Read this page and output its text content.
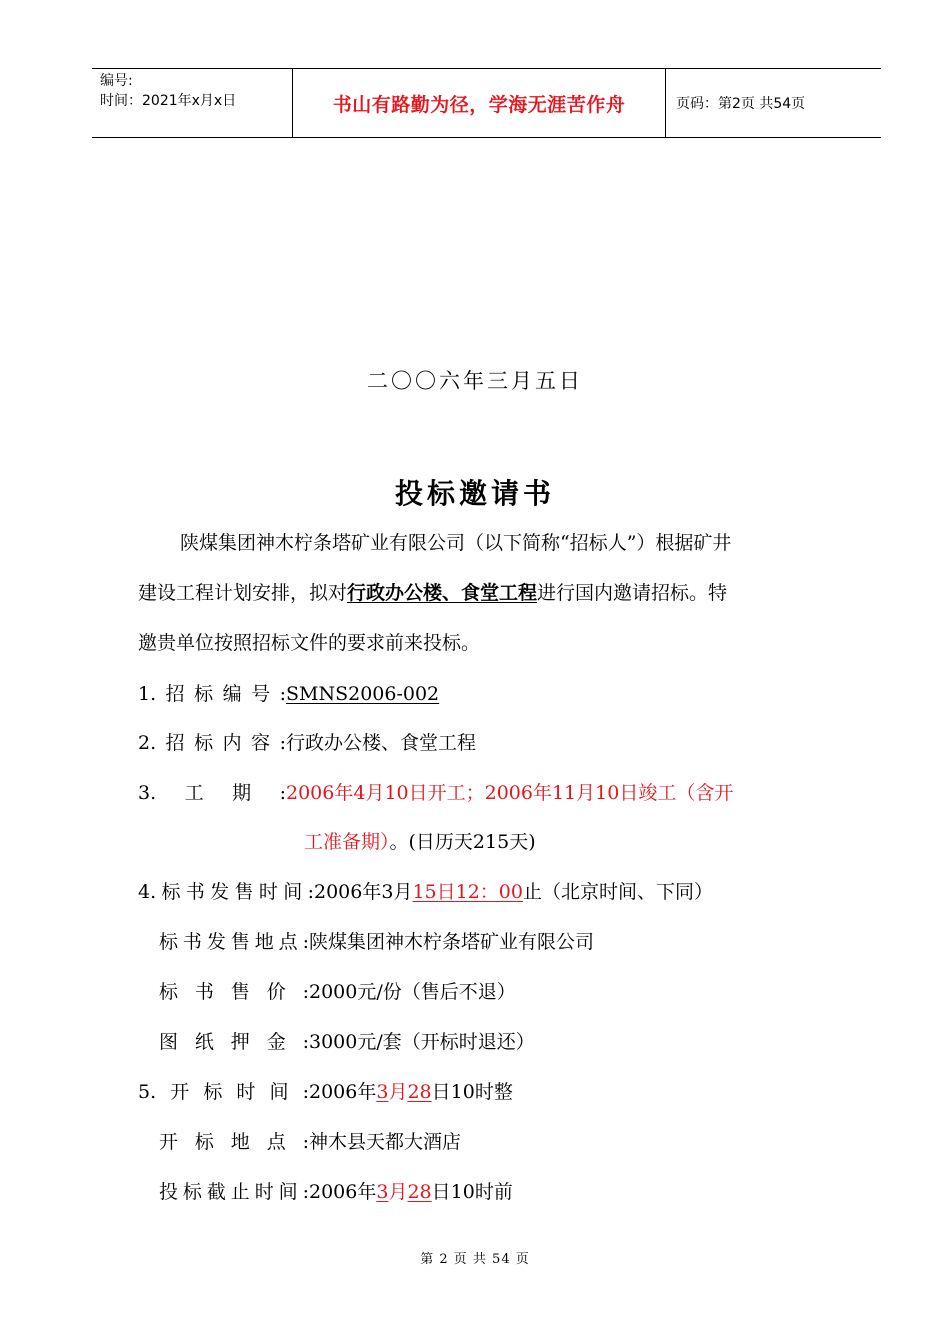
编号:
时间：2021年x月x日	书山有路勤为径，学海无涯苦作舟	页码：第2页 共54页
二〇〇六年三月五日
投标邀请书
陕煤集团神木柠条塔矿业有限公司（以下简称“招标人”）根据矿井
建设工程计划安排，拟对行政办公楼、食堂工程进行国内邀请招标。特
邀贵单位按照招标文件的要求前来投标。
1.招标编号:SMNS2006-002
2.招标内容:行政办公楼、食堂工程
3.工期:2006年4月10日开工；2006年11月10日竣工（含开
工准备期）。(日历天215天)
4.标书发售时间:2006年3月15日12：00止（北京时间、下同）
标书发售地点:陕煤集团神木柠条塔矿业有限公司
标书售价:2000元/份（售后不退）
图纸押金:3000元/套（开标时退还）
5.开标时间:2006年3月28日10时整
开标地点:神木县天都大酒店
投标截止时间:2006年3月28日10时前
第 2 页 共 54 页
